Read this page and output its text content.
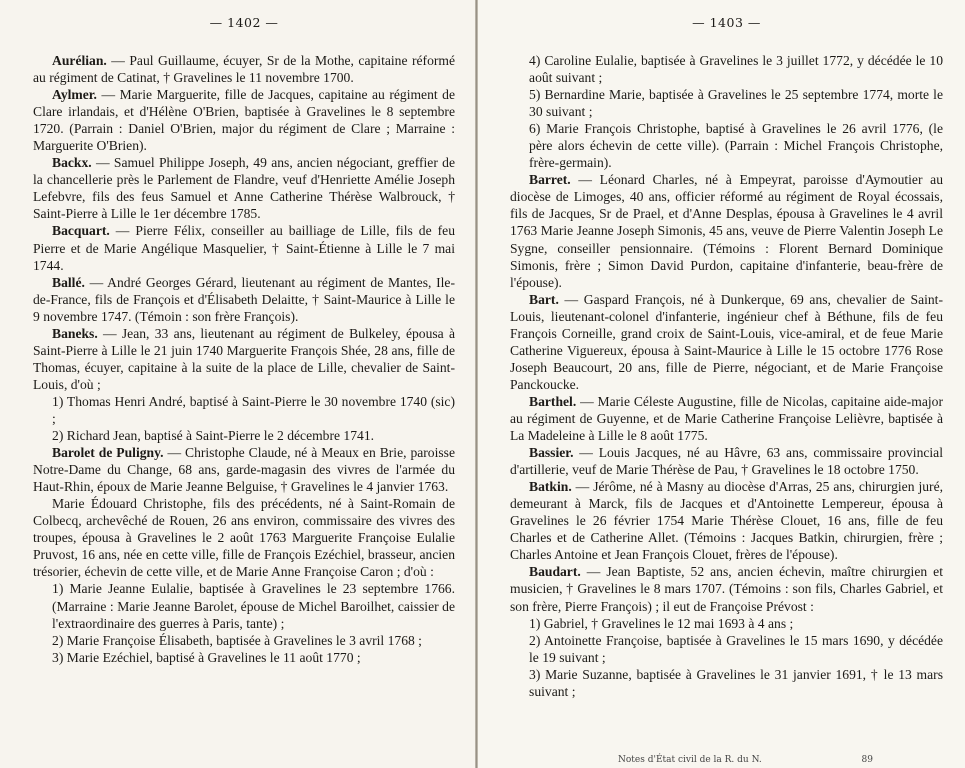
— 1402 —

Aurélian. — Paul Guillaume, écuyer, Sr de la Mothe, capitaine réformé au régiment de Catinat, † Gravelines le 11 novembre 1700.

Aylmer. — Marie Marguerite, fille de Jacques, capitaine au régiment de Clare irlandais, et d'Hélène O'Brien, baptisée à Gravelines le 8 septembre 1720. (Parrain : Daniel O'Brien, major du régiment de Clare ; Marraine : Marguerite O'Brien).

Backx. — Samuel Philippe Joseph, 49 ans, ancien négociant, greffier de la chancellerie près le Parlement de Flandre, veuf d'Henriette Amélie Joseph Lefebvre, fils des feus Samuel et Anne Catherine Thérèse Walbrouck, † Saint-Pierre à Lille le 1er décembre 1785.

Bacquart. — Pierre Félix, conseiller au bailliage de Lille, fils de feu Pierre et de Marie Angélique Masquelier, † Saint-Étienne à Lille le 7 mai 1744.

Ballé. — André Georges Gérard, lieutenant au régiment de Mantes, Ile-de-France, fils de François et d'Élisabeth Delaitte, † Saint-Maurice à Lille le 9 novembre 1747. (Témoin : son frère François).

Baneks. — Jean, 33 ans, lieutenant au régiment de Bulkeley, épousa à Saint-Pierre à Lille le 21 juin 1740 Marguerite François Shée, 28 ans, fille de Thomas, écuyer, capitaine à la suite de la place de Lille, chevalier de Saint-Louis, d'où ;

1) Thomas Henri André, baptisé à Saint-Pierre le 30 novembre 1740 (sic) ;

2) Richard Jean, baptisé à Saint-Pierre le 2 décembre 1741.

Barolet de Puligny. — Christophe Claude, né à Meaux en Brie, paroisse Notre-Dame du Change, 68 ans, garde-magasin des vivres de l'armée du Haut-Rhin, époux de Marie Jeanne Belguise, † Gravelines le 4 janvier 1763.

Marie Édouard Christophe, fils des précédents, né à Saint-Romain de Colbecq, archevêché de Rouen, 26 ans environ, commissaire des vivres des troupes, épousa à Gravelines le 2 août 1763 Marguerite Françoise Eulalie Pruvost, 16 ans, née en cette ville, fille de François Ezéchiel, brasseur, ancien trésorier, échevin de cette ville, et de Marie Anne Françoise Caron ; d'où :

1) Marie Jeanne Eulalie, baptisée à Gravelines le 23 septembre 1766. (Marraine : Marie Jeanne Barolet, épouse de Michel Baroilhet, caissier de l'extraordinaire des guerres à Paris, tante) ;

2) Marie Françoise Élisabeth, baptisée à Gravelines le 3 avril 1768 ;

3) Marie Ezéchiel, baptisé à Gravelines le 11 août 1770 ;

— 1403 —

4) Caroline Eulalie, baptisée à Gravelines le 3 juillet 1772, y décédée le 10 août suivant ;

5) Bernardine Marie, baptisée à Gravelines le 25 septembre 1774, morte le 30 suivant ;

6) Marie François Christophe, baptisé à Gravelines le 26 avril 1776, (le père alors échevin de cette ville). (Parrain : Michel François Christophe, frère-germain).

Barret. — Léonard Charles, né à Empeyrat, paroisse d'Aymoutier au diocèse de Limoges, 40 ans, officier réformé au régiment de Royal écossais, fils de Jacques, Sr de Prael, et d'Anne Desplas, épousa à Gravelines le 4 avril 1763 Marie Jeanne Joseph Simonis, 45 ans, veuve de Pierre Valentin Joseph Le Sygne, conseiller pensionnaire. (Témoins : Florent Bernard Dominique Simonis, frère ; Simon David Purdon, capitaine d'infanterie, beau-frère de l'épouse).

Bart. — Gaspard François, né à Dunkerque, 69 ans, chevalier de Saint-Louis, lieutenant-colonel d'infanterie, ingénieur chef à Béthune, fils de feu François Corneille, grand croix de Saint-Louis, vice-amiral, et de feue Marie Catherine Viguereux, épousa à Saint-Maurice à Lille le 15 octobre 1776 Rose Joseph Beaucourt, 20 ans, fille de Pierre, négociant, et de Marie Françoise Panckoucke.

Barthel. — Marie Céleste Augustine, fille de Nicolas, capitaine aide-major au régiment de Guyenne, et de Marie Catherine Françoise Lelièvre, baptisée à La Madeleine à Lille le 8 août 1775.

Bassier. — Louis Jacques, né au Hâvre, 63 ans, commissaire provincial d'artillerie, veuf de Marie Thérèse de Pau, † Gravelines le 18 octobre 1750.

Batkin. — Jérôme, né à Masny au diocèse d'Arras, 25 ans, chirurgien juré, demeurant à Marck, fils de Jacques et d'Antoinette Lempereur, épousa à Gravelines le 26 février 1754 Marie Thérèse Clouet, 16 ans, fille de feu Charles et de Catherine Allet. (Témoins : Jacques Batkin, chirurgien, frère ; Charles Antoine et Jean François Clouet, frères de l'épouse).

Baudart. — Jean Baptiste, 52 ans, ancien échevin, maître chirurgien et musicien, † Gravelines le 8 mars 1707. (Témoins : son fils, Charles Gabriel, et son frère, Pierre François) ; il eut de Françoise Prévost :

1) Gabriel, † Gravelines le 12 mai 1693 à 4 ans ;

2) Antoinette Françoise, baptisée à Gravelines le 15 mars 1690, y décédée le 19 suivant ;

3) Marie Suzanne, baptisée à Gravelines le 31 janvier 1691, † le 13 mars suivant ;

Notes d'État civil de la R. du N.	89
